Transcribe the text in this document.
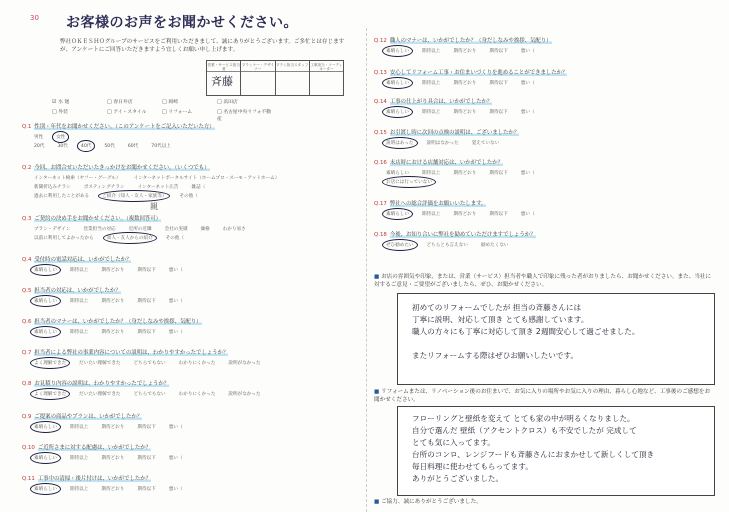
30 お客様のお声をお聞かせください。
弊社ＯＫＥＳＨＯグループのサービスをご利用いただきまして、誠にありがとうございます。ご多忙とは存じますが、アンケートにご回答いただきますよう宜しくお願い申し上げます。
営業・サービス担当者
斉藤
プランナー・デザイナー
プラン担当スタッフ 工事担当・コーディネーター
☑ 水 廻	□ 春日井店	□ 岡崎	□ 浜田店
□ 外装	□ アイ・スタイル	□ リフォーム	□ 名古屋中央リフォ不動産
Q.1 性別・年代をお聞かせください。（このアンケートをご記入いただいた方）
男性	女性
20代	30代	40代	50代	60代	70代以上
Q.2 今回、お問合せいただいたきっかけをお聞かせください。（いくつでも）
インターネット検索（ヤフー・グーグル）	インターネットポータルサイト（ホームプロ・スーモ・アットホーム）
新聞折込みチラシ	ポスティングチラシ	インターネット広告	雑誌（
過去に利用したことがある	ご紹介（知人・友人・家族等）	その他（
親
Q.3 ご契約の決め手をお聞かせください。（複数回答可）
プラン・デザイン	営業担当の対応	近所の近隣	会社の実績	価格	わかり易さ
以前に利用してよかったから	知人・友人からの紹介	その他（
Q.4 受付時の電話対応は、いかがでしたか？
素晴らしい	期待以上	期待どおり	期待以下	悪い（
Q.5 担当者の対応は、いかがでしたか？
素晴らしい	期待以上	期待どおり	期待以下	悪い（
Q.6 担当者のマナーは、いかがでしたか？（身だしなみや挨拶、気配り）
素晴らしい	期待以上	期待どおり	期待以下	悪い（
Q.7 担当者による弊社の事業内容についての説明は、わかりやすかったでしょうか？
よく理解できた	だいたい理解できた	どちらでもない	わかりにくかった	説明がなかった
Q.8 お見積り内容の説明は、わかりやすかったでしょうか？
よく理解できた	だいたい理解できた	どちらでもない	わかりにくかった	説明がなかった
Q.9 ご提案の商品やプランは、いかがでしたか？
素晴らしい	期待以上	期待どおり	期待以下	悪い（
Q.10 ご近所さまに対する配慮は、いかがでしたか？
素晴らしい	期待以上	期待どおり	期待以下	悪い（
Q.11 工事中の清掃・後片付けは、いかがでしたか？
素晴らしい	期待以上	期待どおり	期待以下	悪い（
Q.12 職人のマナーは、いかがでしたか？（身だしなみや挨拶、気配り）
素晴らしい	期待以上	期待どおり	期待以下	悪い（
Q.13 安心してリフォーム工事・お住まいづくりを進めることができましたか？
素晴らしい	期待以上	期待どおり	期待以下	悪い（
Q.14 工事の仕上がり具合は、いかがでしたか？
素晴らしい	期待以上	期待どおり	期待以下	悪い（
Q.15 お引渡し時に次回の点検の説明は、ございましたか？
説明はあった	説明はなかった	覚えていない
Q.16 未店時における店舗対応は、いかがでしたか？
素晴らしい	期待以上	期待どおり	期待以下	悪い（
お店には行っていない
Q.17 弊社への総合評価をお願いいたします。
素晴らしい	期待以上	期待どおり	期待以下	悪い（
Q.18 今後、お知り合いに弊社を勧めていただけますでしょうか？
ぜひ勧めたい	どちらとも言えない	勧めたくない
■ お店の雰囲気や印象、または、営業（サービス）担当者や職人で印象に残った者がおりましたら、お聞かせください。また、当社に対するご意見・ご要望がございましたら、ぜひ、お聞かせください。
初めてのリフォームでしたが 担当の斉藤さんには
丁寧に説明、対応して頂き とても感謝しています。
職人の方々にも丁寧に対応して頂き 2週間安心して過ごせました。
またリフォームする際はぜひお願いしたいです。
■ リフォームまたは、リノベーション後のお住まいで、お気に入りの場所やお気に入りの理由、暮らし心地など、工事後のご感想をお聞かせください。
フローリングと壁紙を変えて とても家の中が明るくなりました。
自分で選んだ 壁紙（アクセントクロス）も不安でしたが 完成して
とても気に入ってます。
台所のコンロ、レンジフードも斉藤さんにおまかせして新しくして頂き
毎日料理に使わせてもらってます。
ありがとうございました。
■ ご協力、誠にありがとうございました。
